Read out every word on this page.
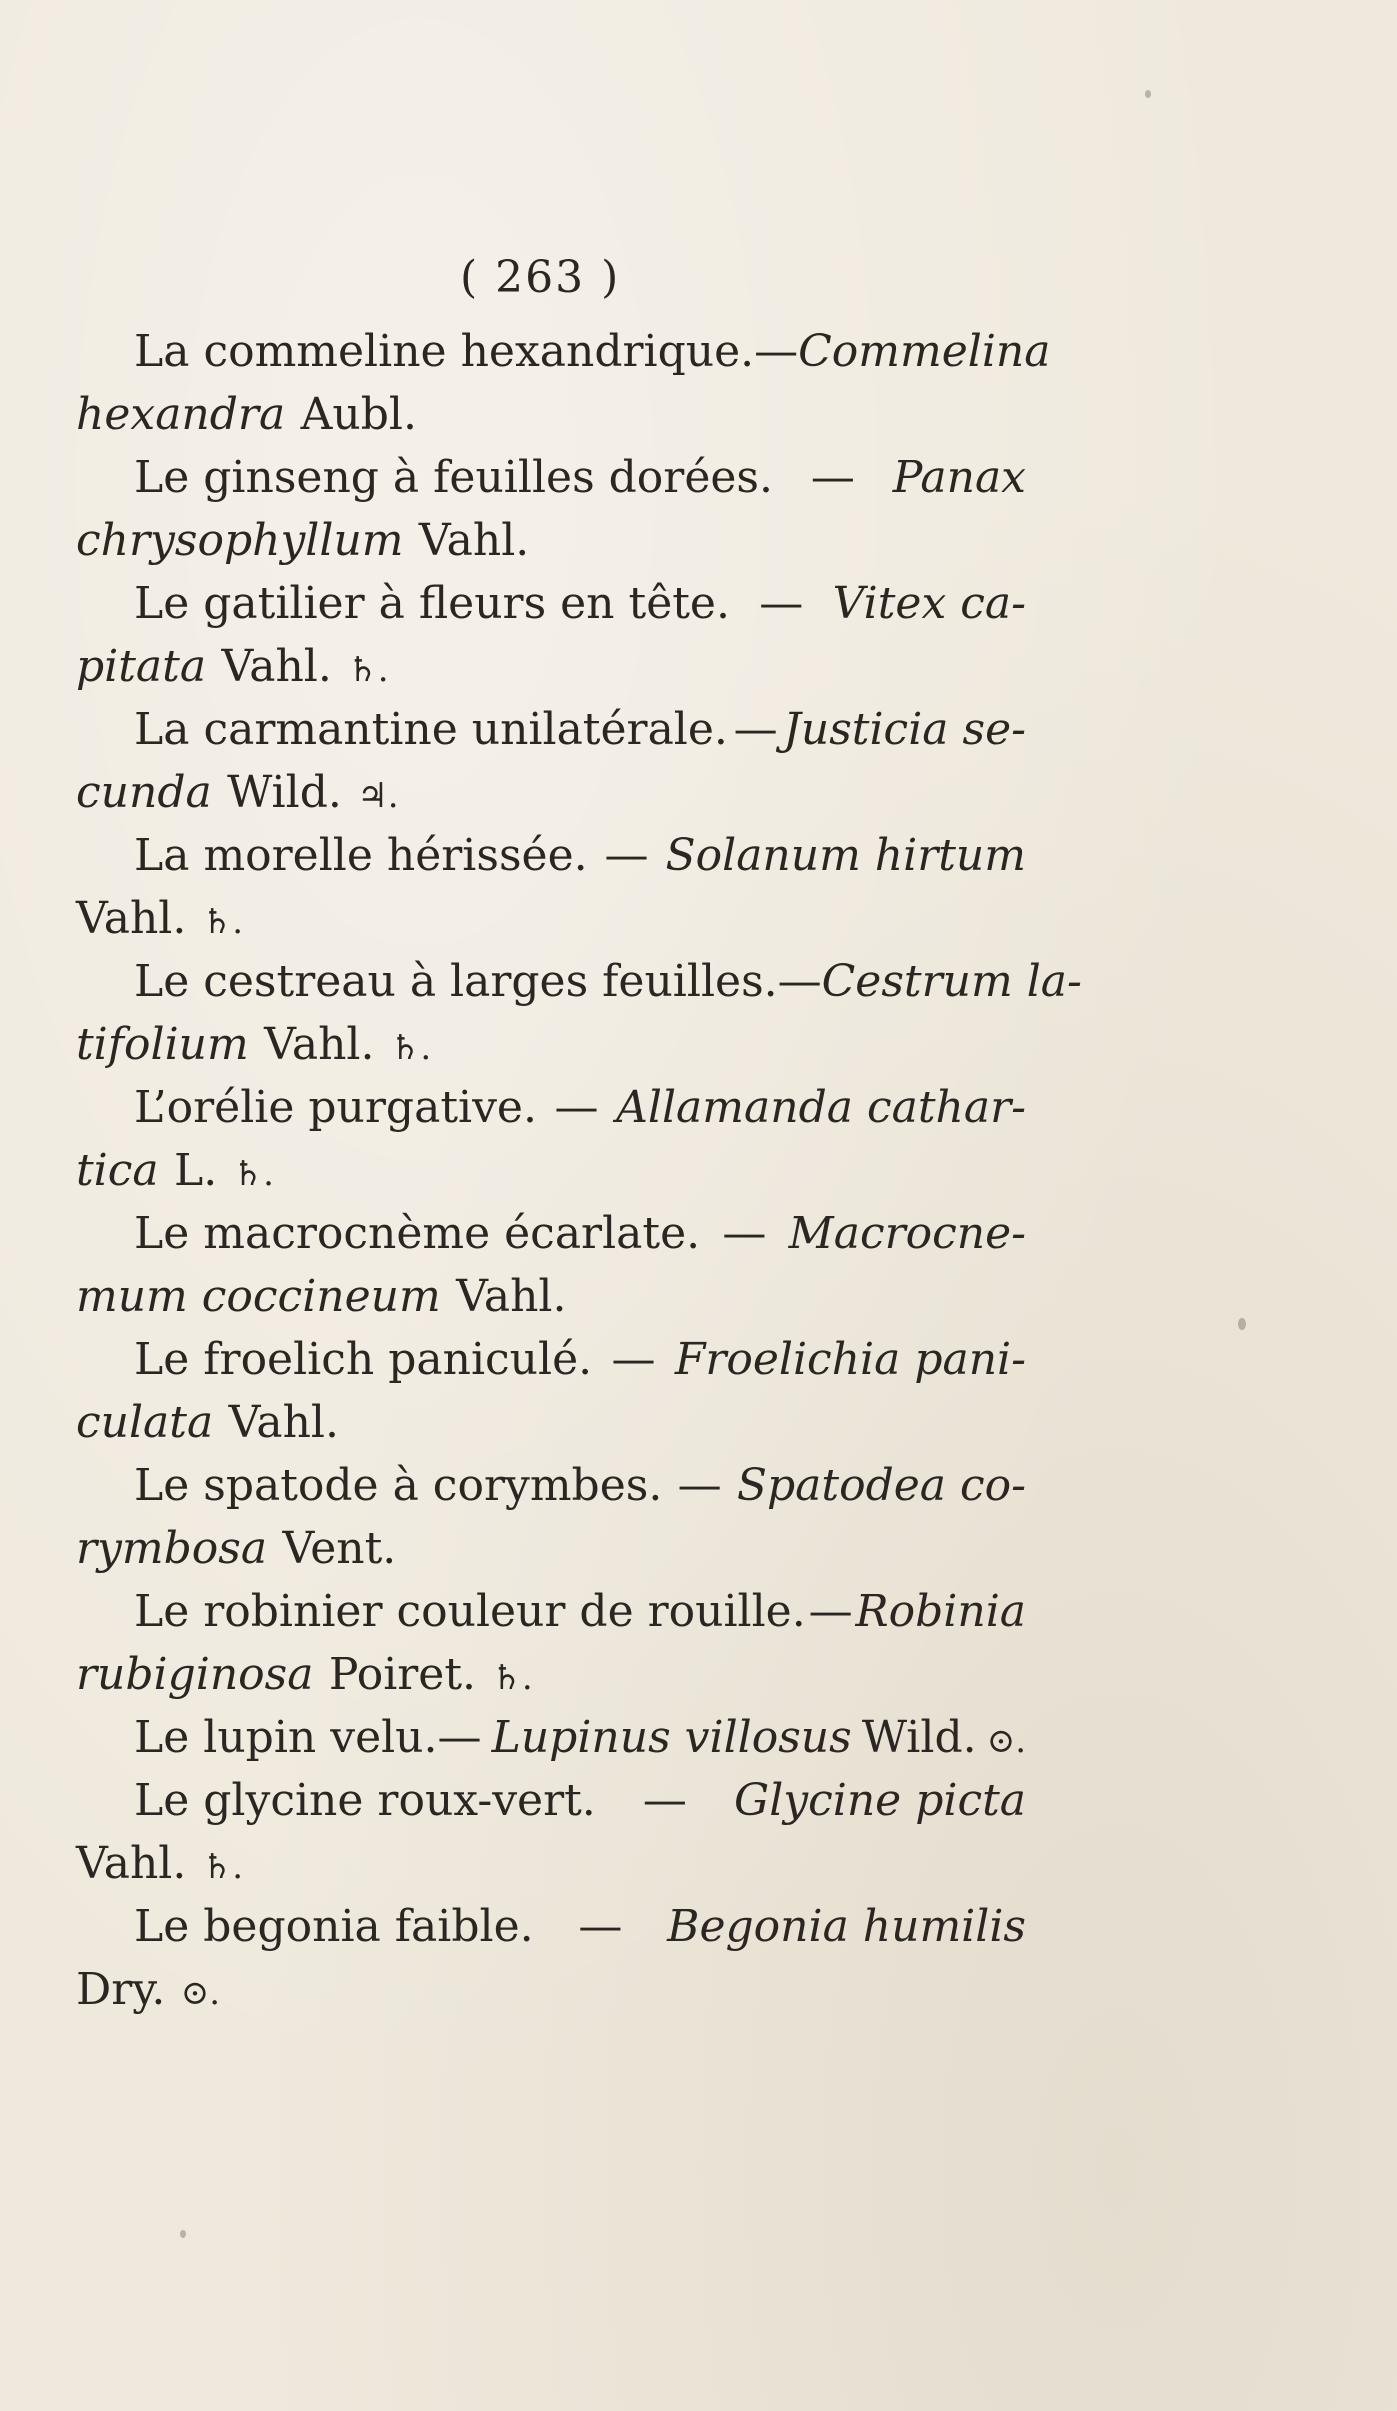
( 263 )
La commeline hexandrique.— Commelina
hexandra Aubl.
Le ginseng à feuilles dorées. — Panax
chrysophyllum Vahl.
Le gatilier à fleurs en tête. — Vitex ca-
pitata Vahl. ♄.
La carmantine unilatérale. — Justicia se-
cunda Wild. ♃.
La morelle hérissée. — Solanum hirtum
Vahl. ♄.
Le cestreau à larges feuilles. — Cestrum la-
tifolium Vahl. ♄.
L’orélie purgative. — Allamanda cathar-
tica L. ♄.
Le macrocnème écarlate. — Macrocne-
mum coccineum Vahl.
Le froelich paniculé. — Froelichia pani-
culata Vahl.
Le spatode à corymbes. — Spatodea co-
rymbosa Vent.
Le robinier couleur de rouille. — Robinia
rubiginosa Poiret. ♄.
Le lupin velu.— Lupinus villosus Wild. ⊙.
Le glycine roux-vert. — Glycine picta
Vahl. ♄.
Le begonia faible. — Begonia humilis
Dry. ⊙.
